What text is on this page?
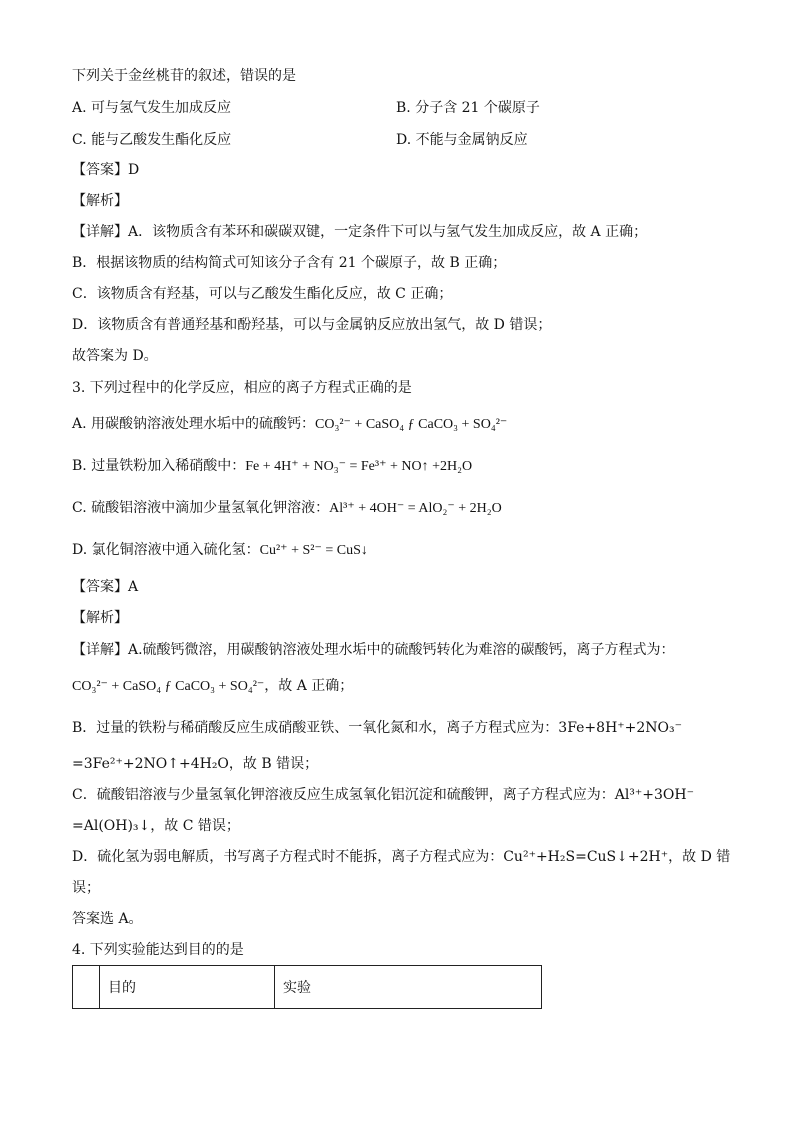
下列关于金丝桃苷的叙述，错误的是
A. 可与氢气发生加成反应	B. 分子含 21 个碳原子
C. 能与乙酸发生酯化反应	D. 不能与金属钠反应
【答案】D
【解析】
【详解】A．该物质含有苯环和碳碳双键，一定条件下可以与氢气发生加成反应，故 A 正确；
B．根据该物质的结构简式可知该分子含有 21 个碳原子，故 B 正确；
C．该物质含有羟基，可以与乙酸发生酯化反应，故 C 正确；
D．该物质含有普通羟基和酚羟基，可以与金属钠反应放出氢气，故 D 错误；
故答案为 D。
3. 下列过程中的化学反应，相应的离子方程式正确的是
A. 用碳酸钠溶液处理水垢中的硫酸钙：CO₃²⁻ + CaSO₄ ƒ CaCO₃ + SO₄²⁻
B. 过量铁粉加入稀硝酸中：Fe + 4H⁺ + NO₃⁻ = Fe³⁺ + NO↑ +2H₂O
C. 硫酸铝溶液中滴加少量氢氧化钾溶液：Al³⁺ + 4OH⁻ = AlO₂⁻ + 2H₂O
D. 氯化铜溶液中通入硫化氢：Cu²⁺ + S²⁻ = CuS↓
【答案】A
【解析】
【详解】A.硫酸钙微溶，用碳酸钠溶液处理水垢中的硫酸钙转化为难溶的碳酸钙，离子方程式为：
CO₃²⁻ + CaSO₄ ƒ CaCO₃ + SO₄²⁻，故 A 正确；
B．过量的铁粉与稀硝酸反应生成硝酸亚铁、一氧化氮和水，离子方程式应为：3Fe+8H⁺+2NO₃⁻
=3Fe²⁺+2NO↑+4H₂O，故 B 错误；
C．硫酸铝溶液与少量氢氧化钾溶液反应生成氢氧化铝沉淀和硫酸钾，离子方程式应为：Al³⁺+3OH⁻
=Al(OH)₃↓，故 C 错误；
D．硫化氢为弱电解质，书写离子方程式时不能拆，离子方程式应为：Cu²⁺+H₂S=CuS↓+2H⁺，故 D 错
误；
答案选 A。
4. 下列实验能达到目的的是
	目的	实验
